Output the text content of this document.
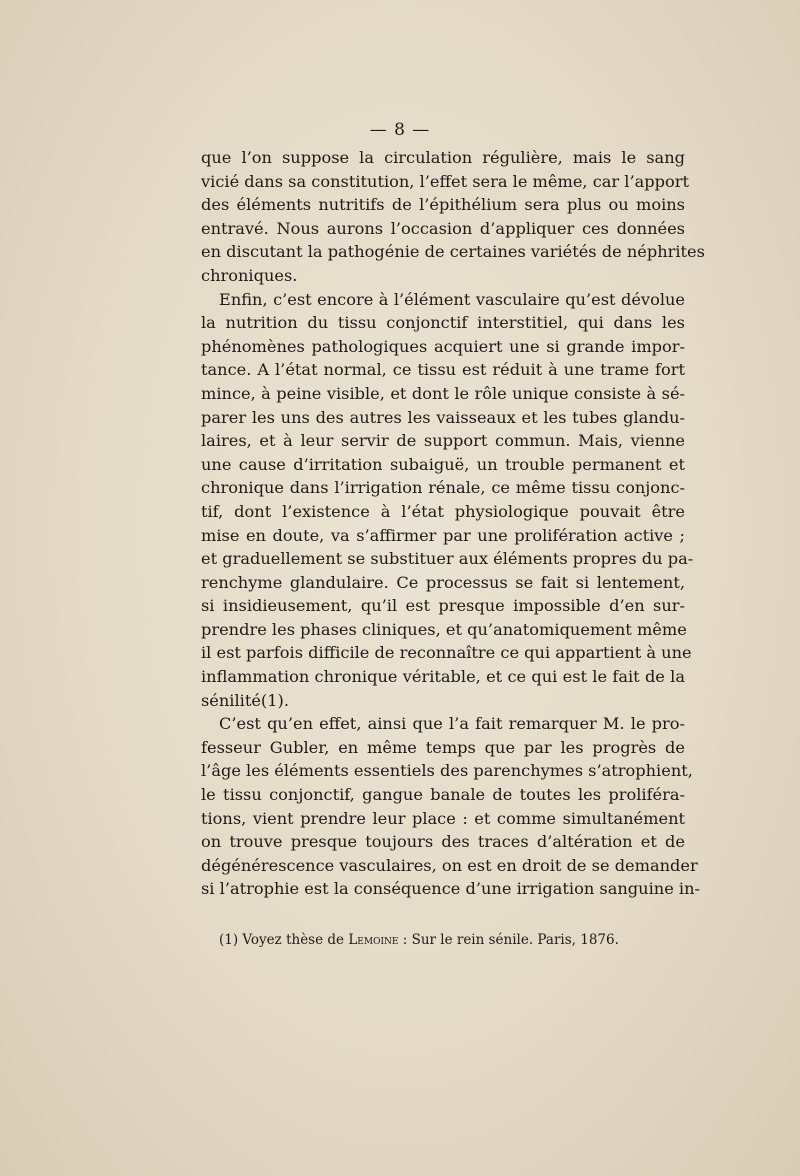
— 8 —
que l’on suppose la circulation régulière, mais le sang
vicié dans sa constitution, l’effet sera le même, car l’apport
des éléments nutritifs de l’épithélium sera plus ou moins
entravé. Nous aurons l’occasion d’appliquer ces données
en discutant la pathogénie de certaines variétés de néphrites
chroniques.
Enfin, c’est encore à l’élément vasculaire qu’est dévolue
la nutrition du tissu conjonctif interstitiel, qui dans les
phénomènes pathologiques acquiert une si grande impor-
tance. A l’état normal, ce tissu est réduit à une trame fort
mince, à peine visible, et dont le rôle unique consiste à sé-
parer les uns des autres les vaisseaux et les tubes glandu-
laires, et à leur servir de support commun. Mais, vienne
une cause d’irritation subaiguë, un trouble permanent et
chronique dans l’irrigation rénale, ce même tissu conjonc-
tif, dont l’existence à l’état physiologique pouvait être
mise en doute, va s’affirmer par une prolifération active ;
et graduellement se substituer aux éléments propres du pa-
renchyme glandulaire. Ce processus se fait si lentement,
si insidieusement, qu’il est presque impossible d’en sur-
prendre les phases cliniques, et qu’anatomiquement même
il est parfois difficile de reconnaître ce qui appartient à une
inflammation chronique véritable, et ce qui est le fait de la
sénilité(1).
C’est qu’en effet, ainsi que l’a fait remarquer M. le pro-
fesseur Gubler, en même temps que par les progrès de
l’âge les éléments essentiels des parenchymes s’atrophient,
le tissu conjonctif, gangue banale de toutes les proliféra-
tions, vient prendre leur place : et comme simultanément
on trouve presque toujours des traces d’altération et de
dégénérescence vasculaires, on est en droit de se demander
si l’atrophie est la conséquence d’une irrigation sanguine in-
(1) Voyez thèse de Lemoine : Sur le rein sénile. Paris, 1876.
